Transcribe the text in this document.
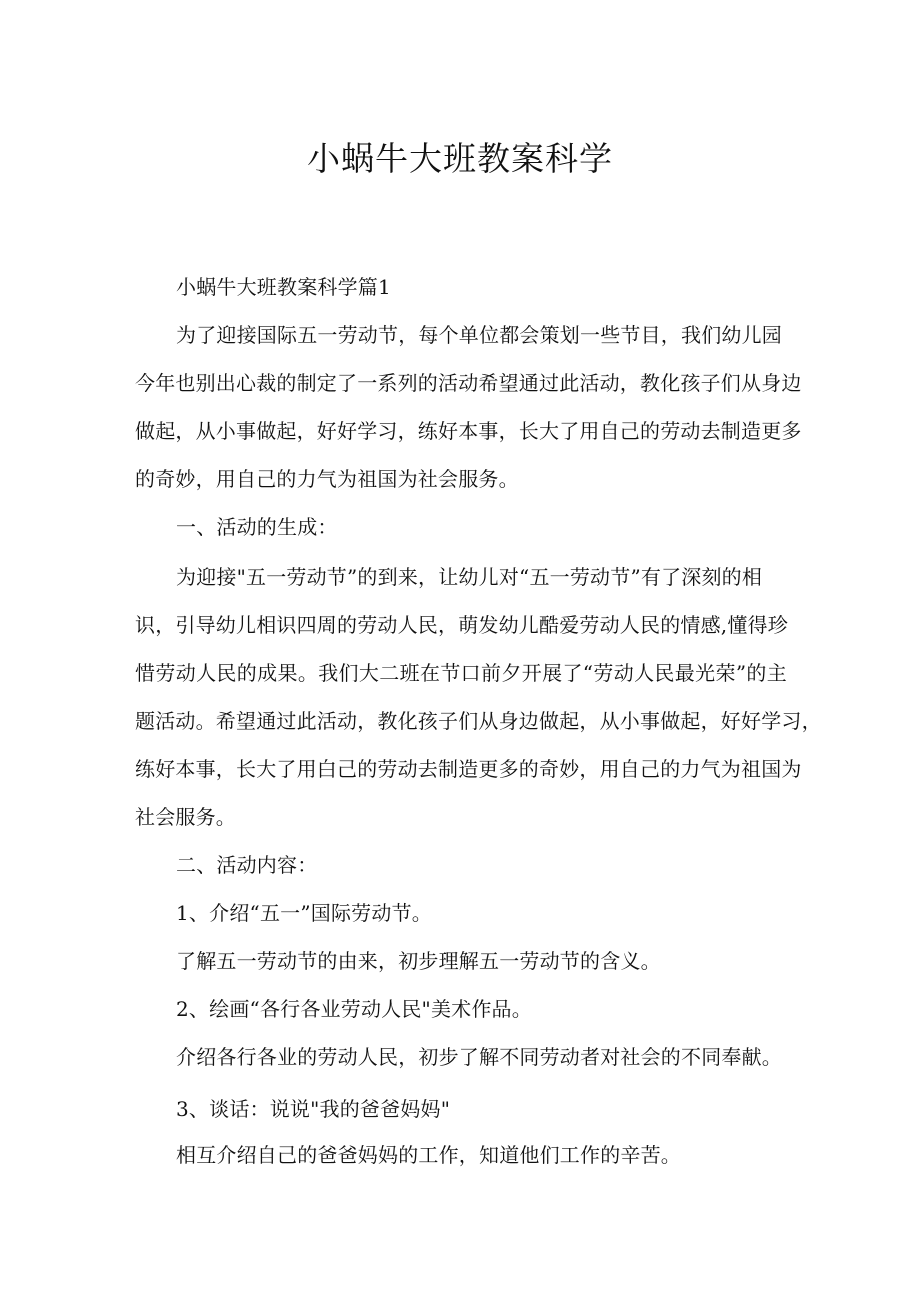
小蜗牛大班教案科学

小蜗牛大班教案科学篇1

为了迎接国际五一劳动节，每个单位都会策划一些节目，我们幼儿园

今年也别出心裁的制定了一系列的活动希望通过此活动，教化孩子们从身边

做起，从小事做起，好好学习，练好本事，长大了用自己的劳动去制造更多

的奇妙，用自己的力气为祖国为社会服务。

一、活动的生成：

为迎接"五一劳动节”的到来，让幼儿对“五一劳动节”有了深刻的相

识，引导幼儿相识四周的劳动人民，萌发幼儿酷爱劳动人民的情感,懂得珍

惜劳动人民的成果。我们大二班在节口前夕开展了“劳动人民最光荣”的主

题活动。希望通过此活动，教化孩子们从身边做起，从小事做起，好好学习，

练好本事，长大了用白己的劳动去制造更多的奇妙，用自己的力气为祖国为

社会服务。

二、活动内容：

1、介绍“五一”国际劳动节。

了解五一劳动节的由来，初步理解五一劳动节的含义。

2、绘画“各行各业劳动人民"美术作品。

介绍各行各业的劳动人民，初步了解不同劳动者对社会的不同奉献。

3、谈话：说说"我的爸爸妈妈"

相互介绍自己的爸爸妈妈的工作，知道他们工作的辛苦。
